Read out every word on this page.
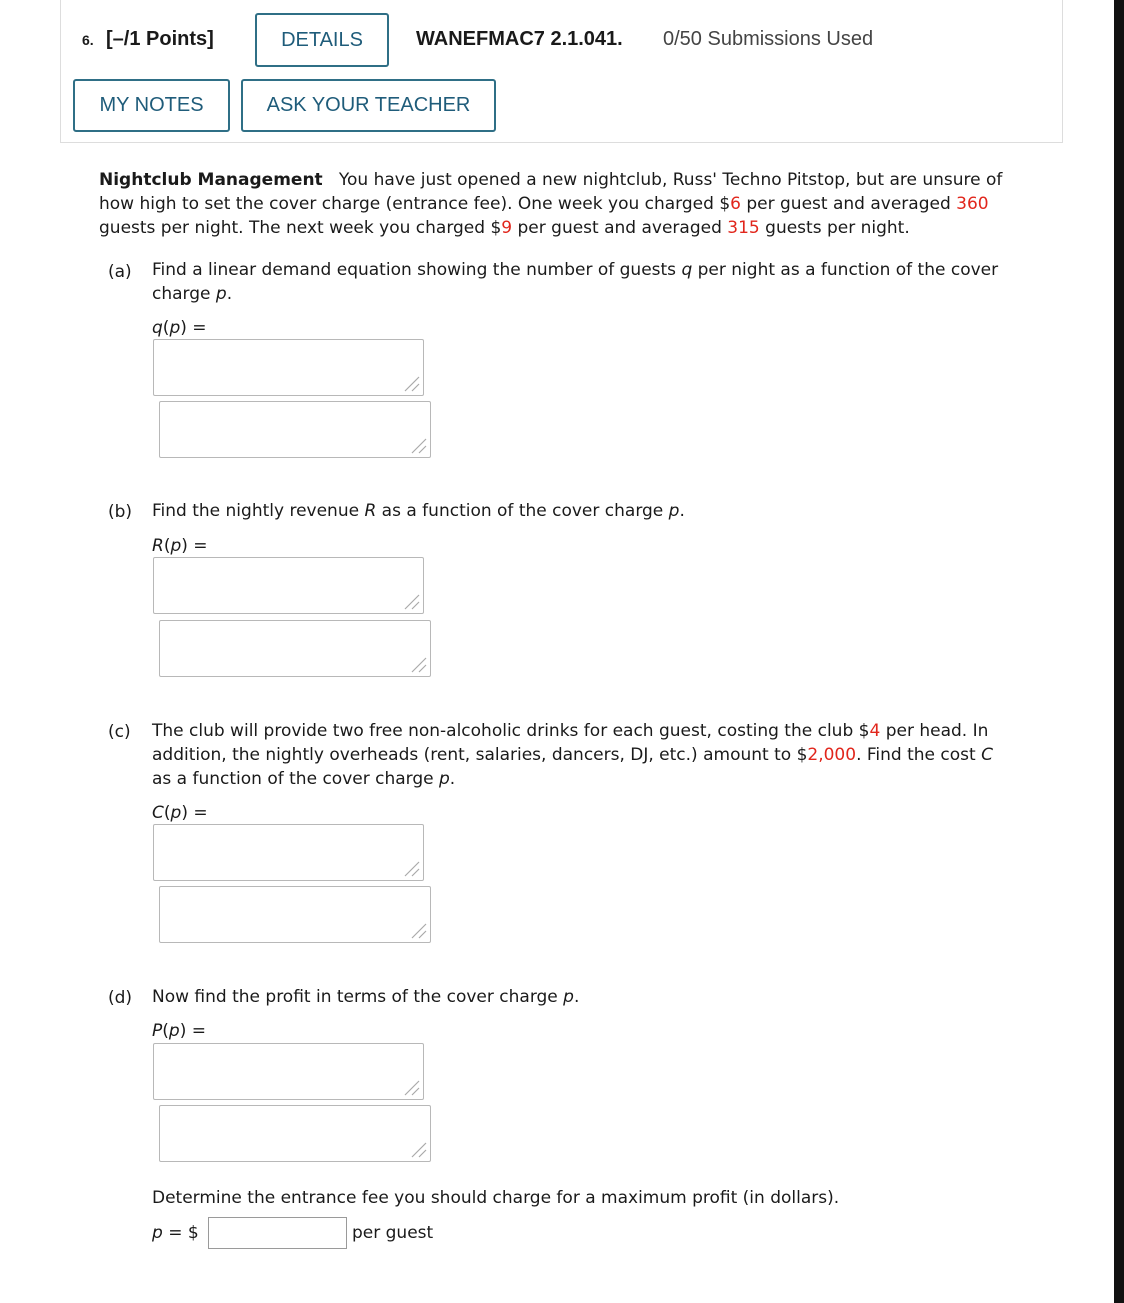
6. [–/1 Points]	DETAILS	WANEFMAC7 2.1.041. 0/50 Submissions Used
MY NOTES	ASK YOUR TEACHER
Nightclub Management You have just opened a new nightclub, Russ' Techno Pitstop, but are unsure of
how high to set the cover charge (entrance fee). One week you charged $6 per guest and averaged 360
guests per night. The next week you charged $9 per guest and averaged 315 guests per night.
(a) Find a linear demand equation showing the number of guests q per night as a function of the cover
charge p.
q(p) =
(b) Find the nightly revenue R as a function of the cover charge p.
R(p) =
(c) The club will provide two free non-alcoholic drinks for each guest, costing the club $4 per head. In
addition, the nightly overheads (rent, salaries, dancers, DJ, etc.) amount to $2,000. Find the cost C
as a function of the cover charge p.
C(p) =
(d) Now find the profit in terms of the cover charge p.
P(p) =
Determine the entrance fee you should charge for a maximum profit (in dollars).
p = $	per guest
